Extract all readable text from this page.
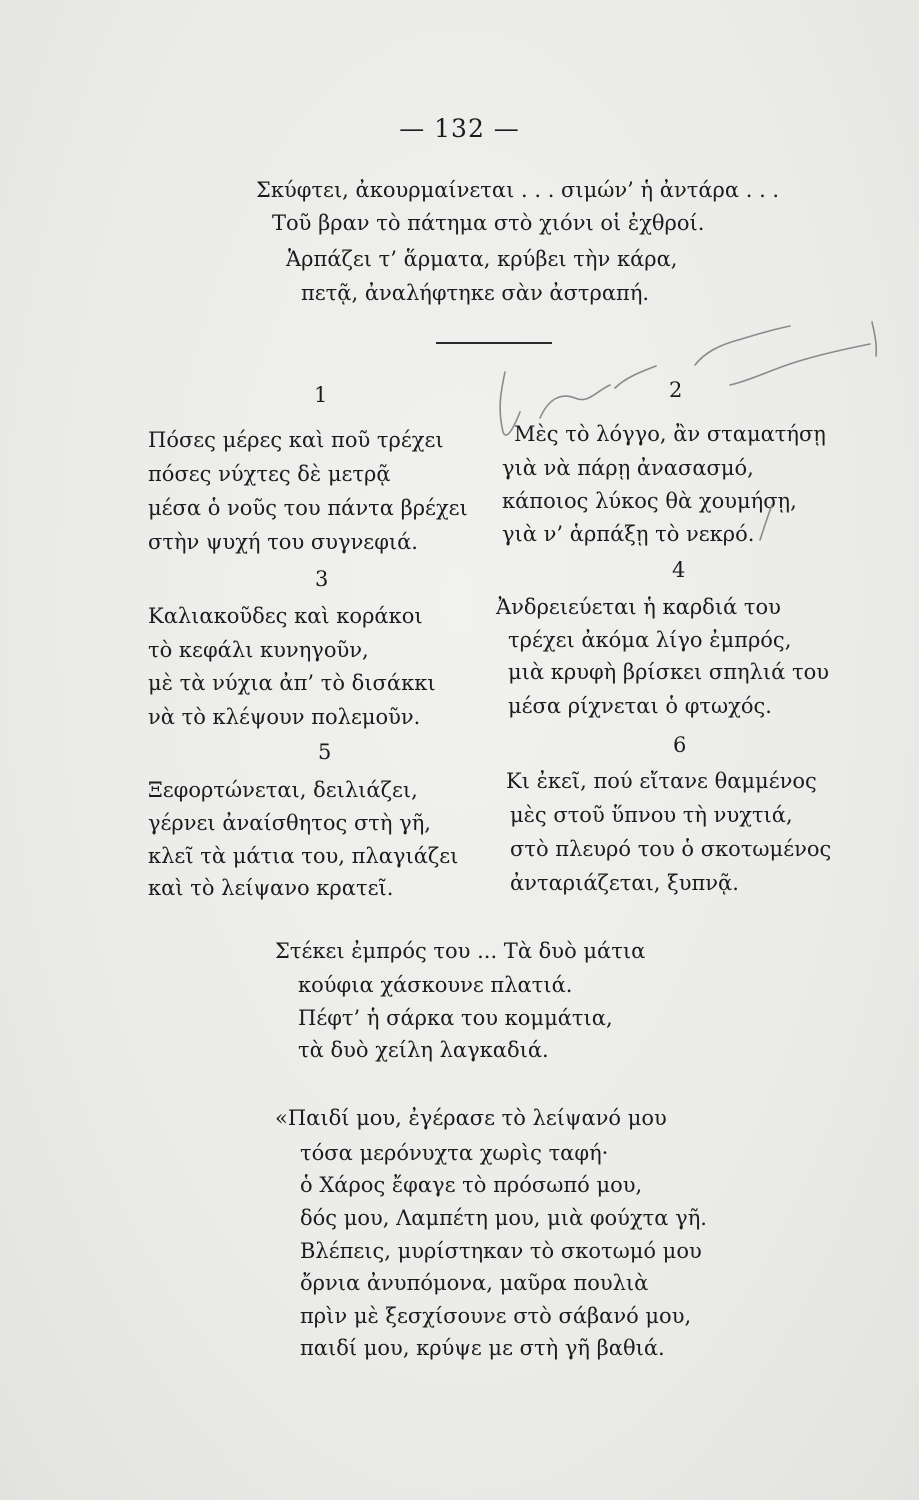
— 132 —
Σκύφτει, ἀκουρμαίνεται . . . σιμών’ ἡ ἀντάρα . . .
Τοῦ βραν τὸ πάτημα στὸ χιόνι οἱ ἐχθροί.
Ἁρπάζει τ’ ἅρματα, κρύβει τὴν κάρα,
πετᾷ, ἀναλήφτηκε σὰν ἀστραπή.
1
Πόσες μέρες καὶ ποῦ τρέχει
πόσες νύχτες δὲ μετρᾷ
μέσα ὁ νοῦς του πάντα βρέχει
στὴν ψυχή του συγνεφιά.
2
Μὲς τὸ λόγγο, ἂν σταματήσῃ
γιὰ νὰ πάρῃ ἀνασασμό,
κάποιος λύκος θὰ χουμήσῃ,
γιὰ ν’ ἁρπάξῃ τὸ νεκρό.
3
Καλιακοῦδες καὶ κοράκοι
τὸ κεφάλι κυνηγοῦν,
μὲ τὰ νύχια ἀπ’ τὸ δισάκκι
νὰ τὸ κλέψουν πολεμοῦν.
4
Ἀνδρειεύεται ἡ καρδιά του
τρέχει ἀκόμα λίγο ἐμπρός,
μιὰ κρυφὴ βρίσκει σπηλιά του
μέσα ρίχνεται ὁ φτωχός.
5
Ξεφορτώνεται, δειλιάζει,
γέρνει ἀναίσθητος στὴ γῆ,
κλεῖ τὰ μάτια του, πλαγιάζει
καὶ τὸ λείψανο κρατεῖ.
6
Κι ἐκεῖ, πού εἴτανε θαμμένος
μὲς στοῦ ὕπνου τὴ νυχτιά,
στὸ πλευρό του ὁ σκοτωμένος
ἀνταριάζεται, ξυπνᾷ.
Στέκει ἐμπρός του ... Τὰ δυὸ μάτια
κούφια χάσκουνε πλατιά.
Πέφτ’ ἡ σάρκα του κομμάτια,
τὰ δυὸ χείλη λαγκαδιά.
«Παιδί μου, ἐγέρασε τὸ λείψανό μου
τόσα μερόνυχτα χωρὶς ταφή·
ὁ Χάρος ἔφαγε τὸ πρόσωπό μου,
δός μου, Λαμπέτη μου, μιὰ φούχτα γῆ.
Βλέπεις, μυρίστηκαν τὸ σκοτωμό μου
ὄρνια ἀνυπόμονα, μαῦρα πουλιὰ
πρὶν μὲ ξεσχίσουνε στὸ σάβανό μου,
παιδί μου, κρύψε με στὴ γῆ βαθιά.
